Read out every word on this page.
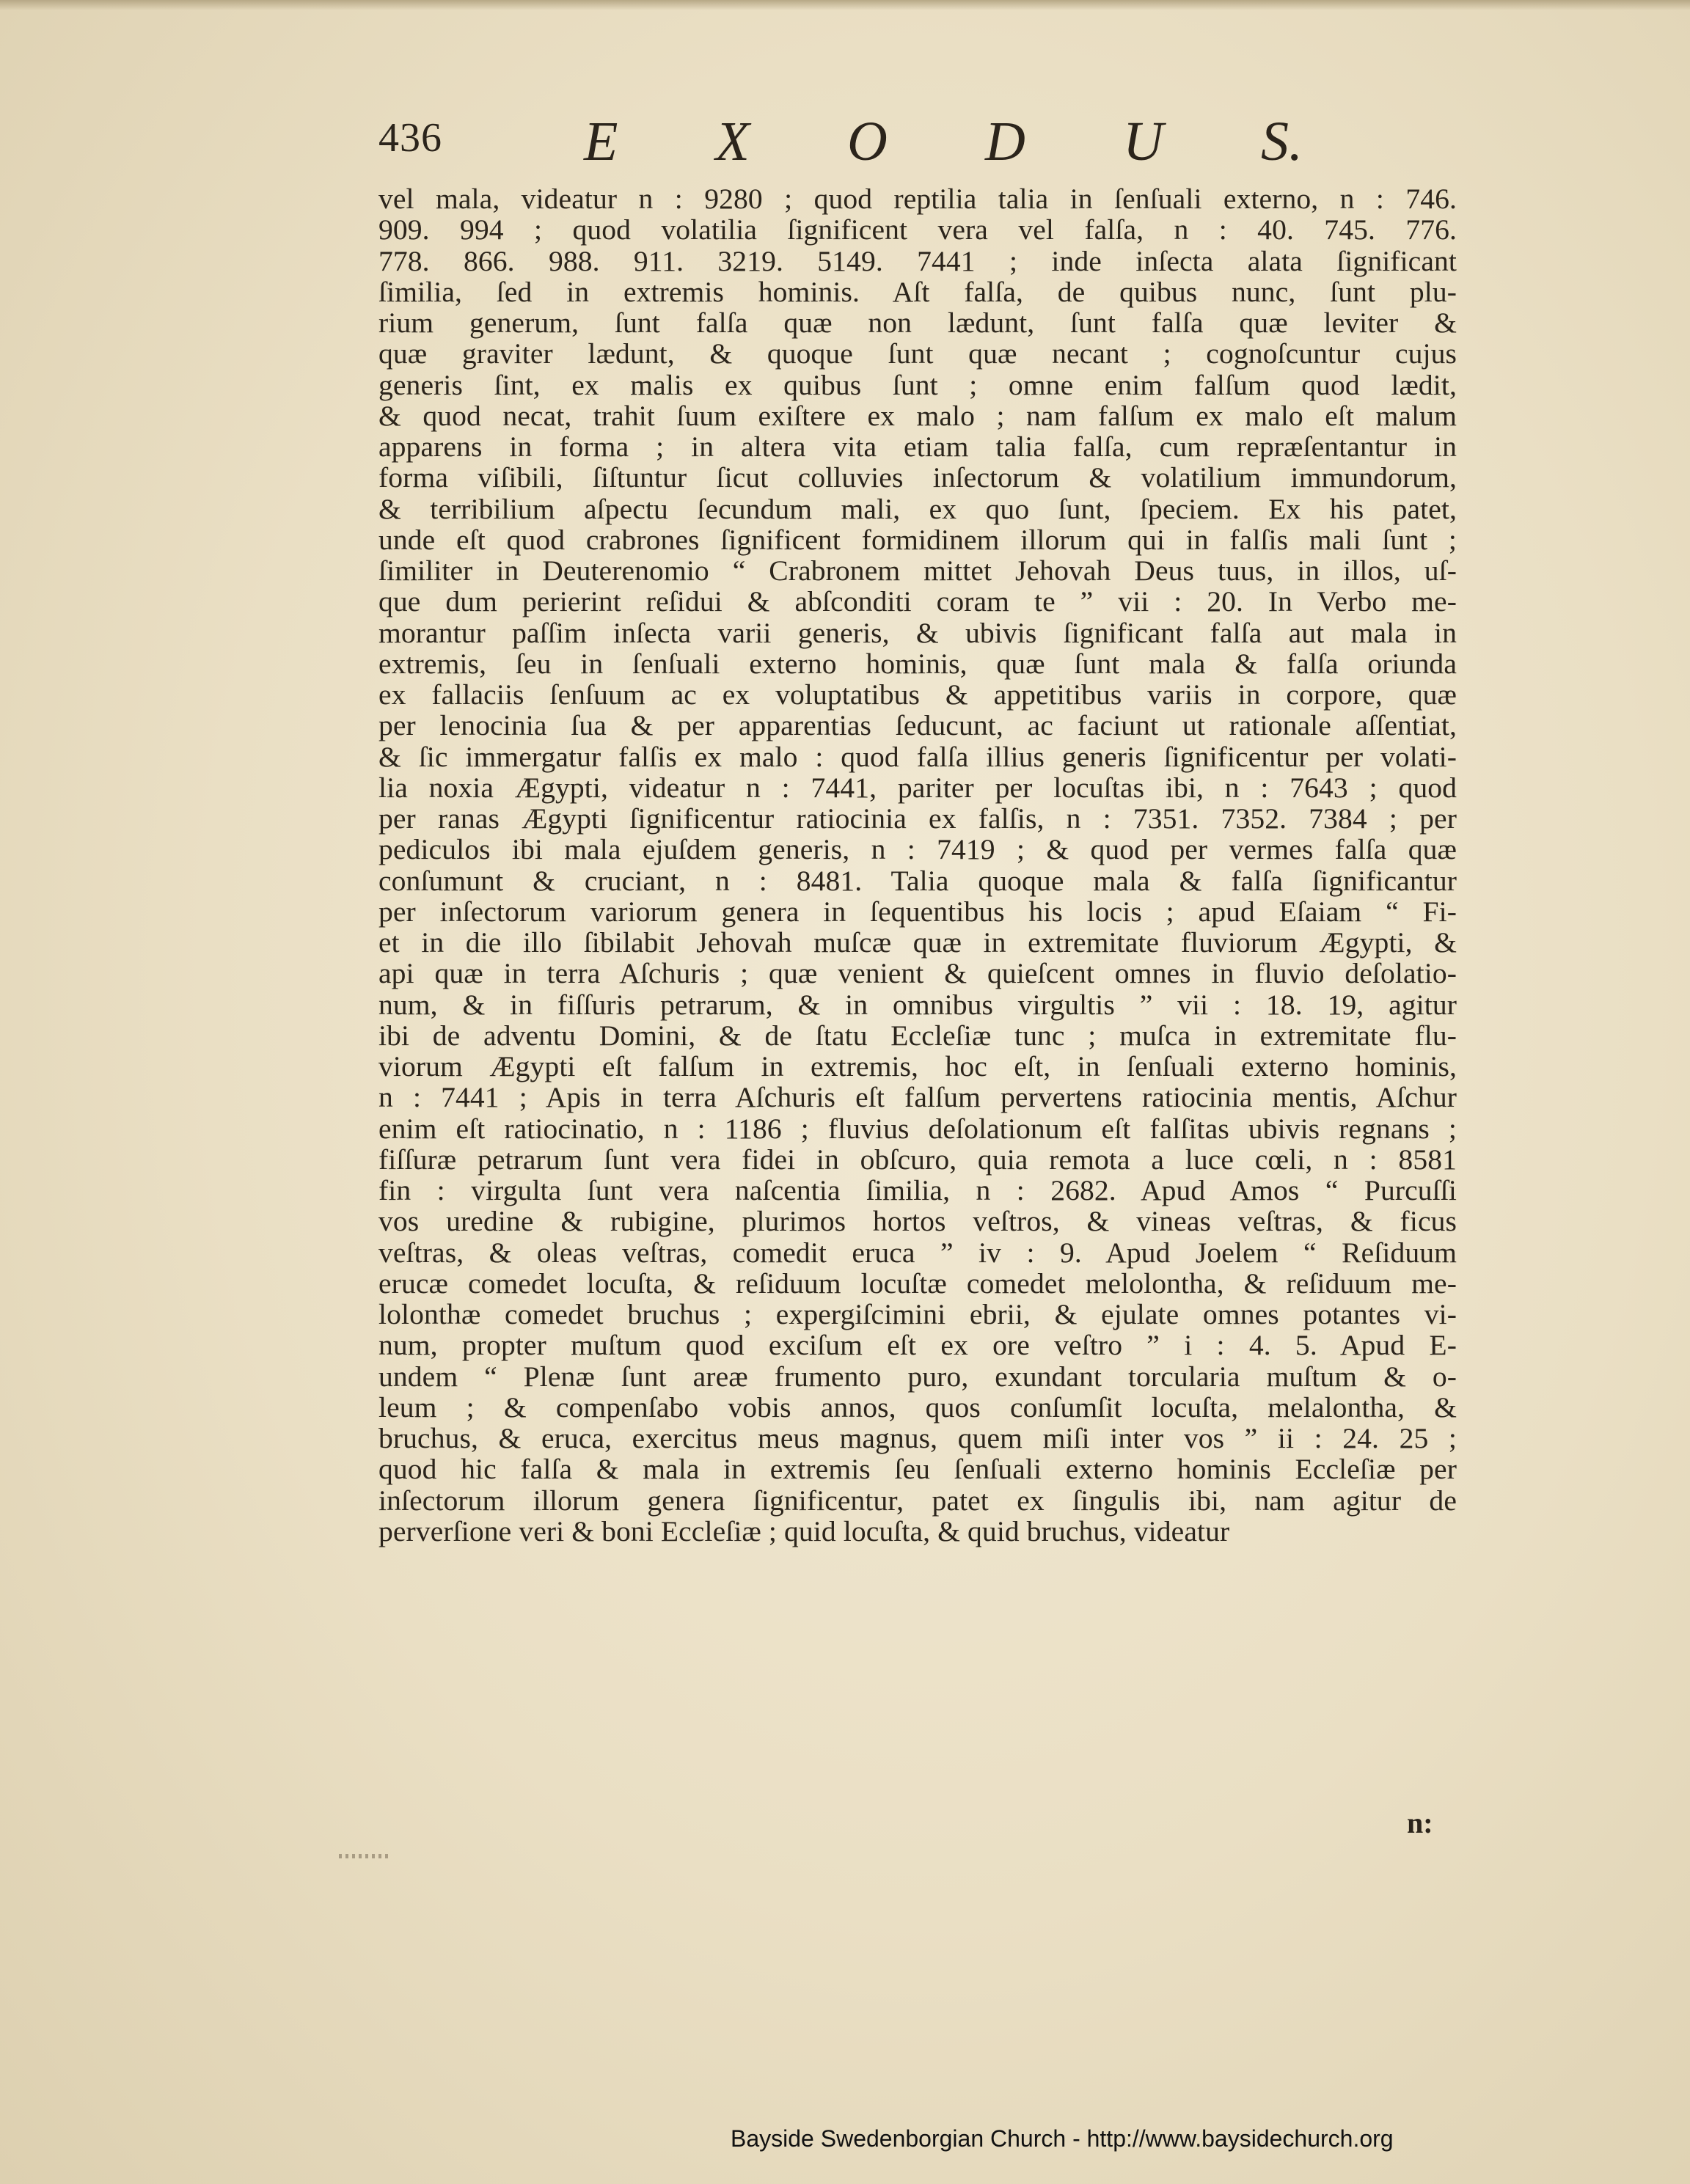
436	E X O D U S.
vel mala, videatur n : 9280 ; quod reptilia talia in ſenſuali externo, n : 746.
909. 994 ; quod volatilia ſignificent vera vel falſa, n : 40. 745. 776.
778. 866. 988. 911. 3219. 5149. 7441 ; inde inſecta alata ſignificant
ſimilia, ſed in extremis hominis. Aſt falſa, de quibus nunc, ſunt plu-
rium generum, ſunt falſa quæ non lædunt, ſunt falſa quæ leviter &
quæ graviter lædunt, & quoque ſunt quæ necant ; cognoſcuntur cujus
generis ſint, ex malis ex quibus ſunt ; omne enim falſum quod lædit,
& quod necat, trahit ſuum exiſtere ex malo ; nam falſum ex malo eſt malum
apparens in forma ; in altera vita etiam talia falſa, cum repræſentantur in
forma viſibili, ſiſtuntur ſicut colluvies inſectorum & volatilium immundorum,
& terribilium aſpectu ſecundum mali, ex quo ſunt, ſpeciem. Ex his patet,
unde eſt quod crabrones ſignificent formidinem illorum qui in falſis mali ſunt ;
ſimiliter in Deuterenomio “ Crabronem mittet Jehovah Deus tuus, in illos, uſ-
que dum perierint reſidui & abſconditi coram te ” vii : 20. In Verbo me-
morantur paſſim inſecta varii generis, & ubivis ſignificant falſa aut mala in
extremis, ſeu in ſenſuali externo hominis, quæ ſunt mala & falſa oriunda
ex fallaciis ſenſuum ac ex voluptatibus & appetitibus variis in corpore, quæ
per lenocinia ſua & per apparentias ſeducunt, ac faciunt ut rationale aſſentiat,
& ſic immergatur falſis ex malo : quod falſa illius generis ſignificentur per volati-
lia noxia Ægypti, videatur n : 7441, pariter per locuſtas ibi, n : 7643 ; quod
per ranas Ægypti ſignificentur ratiocinia ex falſis, n : 7351. 7352. 7384 ; per
pediculos ibi mala ejuſdem generis, n : 7419 ; & quod per vermes falſa quæ
conſumunt & cruciant, n : 8481. Talia quoque mala & falſa ſignificantur
per inſectorum variorum genera in ſequentibus his locis ; apud Eſaiam “ Fi-
et in die illo ſibilabit Jehovah muſcæ quæ in extremitate fluviorum Ægypti, &
api quæ in terra Aſchuris ; quæ venient & quieſcent omnes in fluvio deſolatio-
num, & in fiſſuris petrarum, & in omnibus virgultis ” vii : 18. 19, agitur
ibi de adventu Domini, & de ſtatu Eccleſiæ tunc ; muſca in extremitate flu-
viorum Ægypti eſt falſum in extremis, hoc eſt, in ſenſuali externo hominis,
n : 7441 ; Apis in terra Aſchuris eſt falſum pervertens ratiocinia mentis, Aſchur
enim eſt ratiocinatio, n : 1186 ; fluvius deſolationum eſt falſitas ubivis regnans ;
fiſſuræ petrarum ſunt vera fidei in obſcuro, quia remota a luce cœli, n : 8581
fin : virgulta ſunt vera naſcentia ſimilia, n : 2682. Apud Amos “ Purcuſſi
vos uredine & rubigine, plurimos hortos veſtros, & vineas veſtras, & ficus
veſtras, & oleas veſtras, comedit eruca ” iv : 9. Apud Joelem “ Reſiduum
erucæ comedet locuſta, & reſiduum locuſtæ comedet melolontha, & reſiduum me-
lolonthæ comedet bruchus ; expergiſcimini ebrii, & ejulate omnes potantes vi-
num, propter muſtum quod exciſum eſt ex ore veſtro ” i : 4. 5. Apud E-
undem “ Plenæ ſunt areæ frumento puro, exundant torcularia muſtum & o-
leum ; & compenſabo vobis annos, quos conſumſit locuſta, melalontha, &
bruchus, & eruca, exercitus meus magnus, quem miſi inter vos ” ii : 24. 25 ;
quod hic falſa & mala in extremis ſeu ſenſuali externo hominis Eccleſiæ per
inſectorum illorum genera ſignificentur, patet ex ſingulis ibi, nam agitur de
perverſione veri & boni Eccleſiæ ; quid locuſta, & quid bruchus, videatur
n:
Bayside Swedenborgian Church - http://www.baysidechurch.org
